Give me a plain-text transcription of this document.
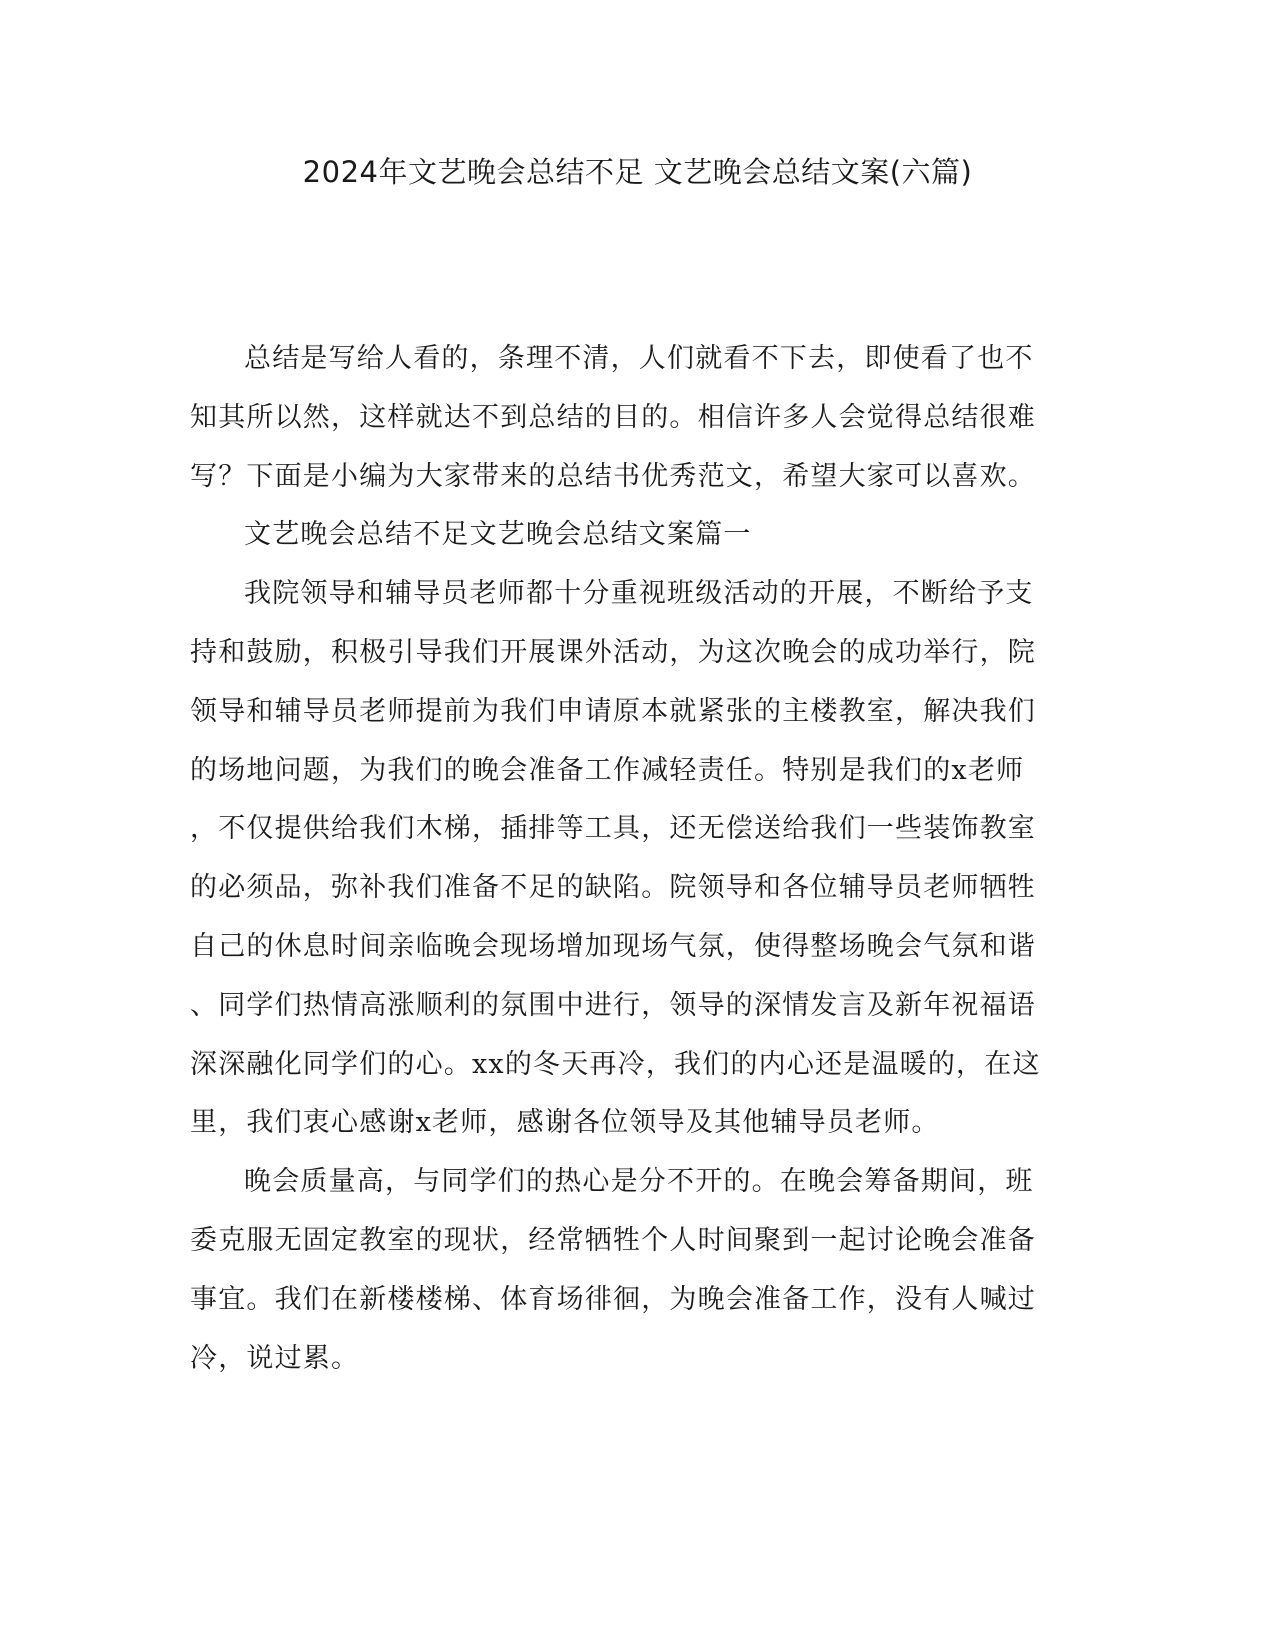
2024年文艺晚会总结不足 文艺晚会总结文案(六篇)
总结是写给人看的，条理不清，人们就看不下去，即使看了也不
知其所以然，这样就达不到总结的目的。相信许多人会觉得总结很难
写？下面是小编为大家带来的总结书优秀范文，希望大家可以喜欢。
文艺晚会总结不足文艺晚会总结文案篇一
我院领导和辅导员老师都十分重视班级活动的开展，不断给予支
持和鼓励，积极引导我们开展课外活动，为这次晚会的成功举行，院
领导和辅导员老师提前为我们申请原本就紧张的主楼教室，解决我们
的场地问题，为我们的晚会准备工作减轻责任。特别是我们的x老师
，不仅提供给我们木梯，插排等工具，还无偿送给我们一些装饰教室
的必须品，弥补我们准备不足的缺陷。院领导和各位辅导员老师牺牲
自己的休息时间亲临晚会现场增加现场气氛，使得整场晚会气氛和谐
、同学们热情高涨顺利的氛围中进行，领导的深情发言及新年祝福语
深深融化同学们的心。xx的冬天再冷，我们的内心还是温暖的，在这
里，我们衷心感谢x老师，感谢各位领导及其他辅导员老师。
晚会质量高，与同学们的热心是分不开的。在晚会筹备期间，班
委克服无固定教室的现状，经常牺牲个人时间聚到一起讨论晚会准备
事宜。我们在新楼楼梯、体育场徘徊，为晚会准备工作，没有人喊过
冷，说过累。
